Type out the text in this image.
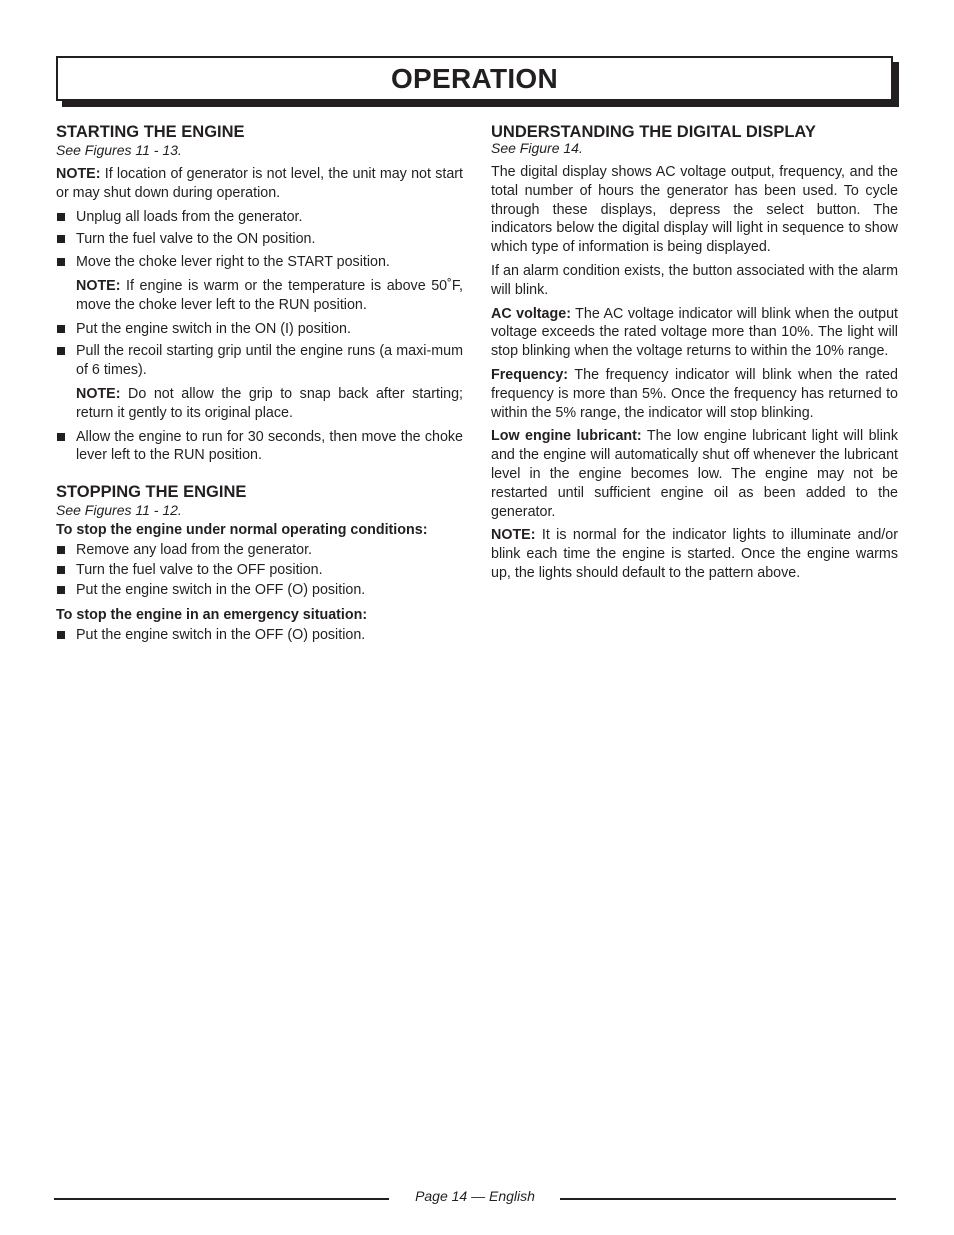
OPERATION
STARTING THE ENGINE
See Figures 11 - 13.

NOTE: If location of generator is not level, the unit may not start or may shut down during operation.

Unplug all loads from the generator.
Turn the fuel valve to the ON position.
Move the choke lever right to the START position.

NOTE: If engine is warm or the temperature is above 50˚F, move the choke lever left to the RUN position.

Put the engine switch in the ON (I) position.
Pull the recoil starting grip until the engine runs (a maxi-mum of 6 times).

NOTE: Do not allow the grip to snap back after starting; return it gently to its original place.

Allow the engine to run for 30 seconds, then move the choke lever left to the RUN position.
STOPPING THE ENGINE
See Figures 11 - 12.
To stop the engine under normal operating conditions:
Remove any load from the generator.
Turn the fuel valve to the OFF position.
Put the engine switch in the OFF (O) position.
To stop the engine in an emergency situation:
Put the engine switch in the OFF (O) position.
UNDERSTANDING THE DIGITAL DISPLAY
See Figure 14.

The digital display shows AC voltage output, frequency, and the total number of hours the generator has been used. To cycle through these displays, depress the select button. The indicators below the digital display will light in sequence to show which type of information is being displayed.

If an alarm condition exists, the button associated with the alarm will blink.

AC voltage: The AC voltage indicator will blink when the output voltage exceeds the rated voltage more than 10%. The light will stop blinking when the voltage returns to within the 10% range.

Frequency: The frequency indicator will blink when the rated frequency is more than 5%. Once the frequency has returned to within the 5% range, the indicator will stop blinking.

Low engine lubricant: The low engine lubricant light will blink and the engine will automatically shut off whenever the lubricant level in the engine becomes low. The engine may not be restarted until sufficient engine oil as been added to the generator.

NOTE: It is normal for the indicator lights to illuminate and/or blink each time the engine is started. Once the engine warms up, the lights should default to the pattern above.

Page 14 — English
